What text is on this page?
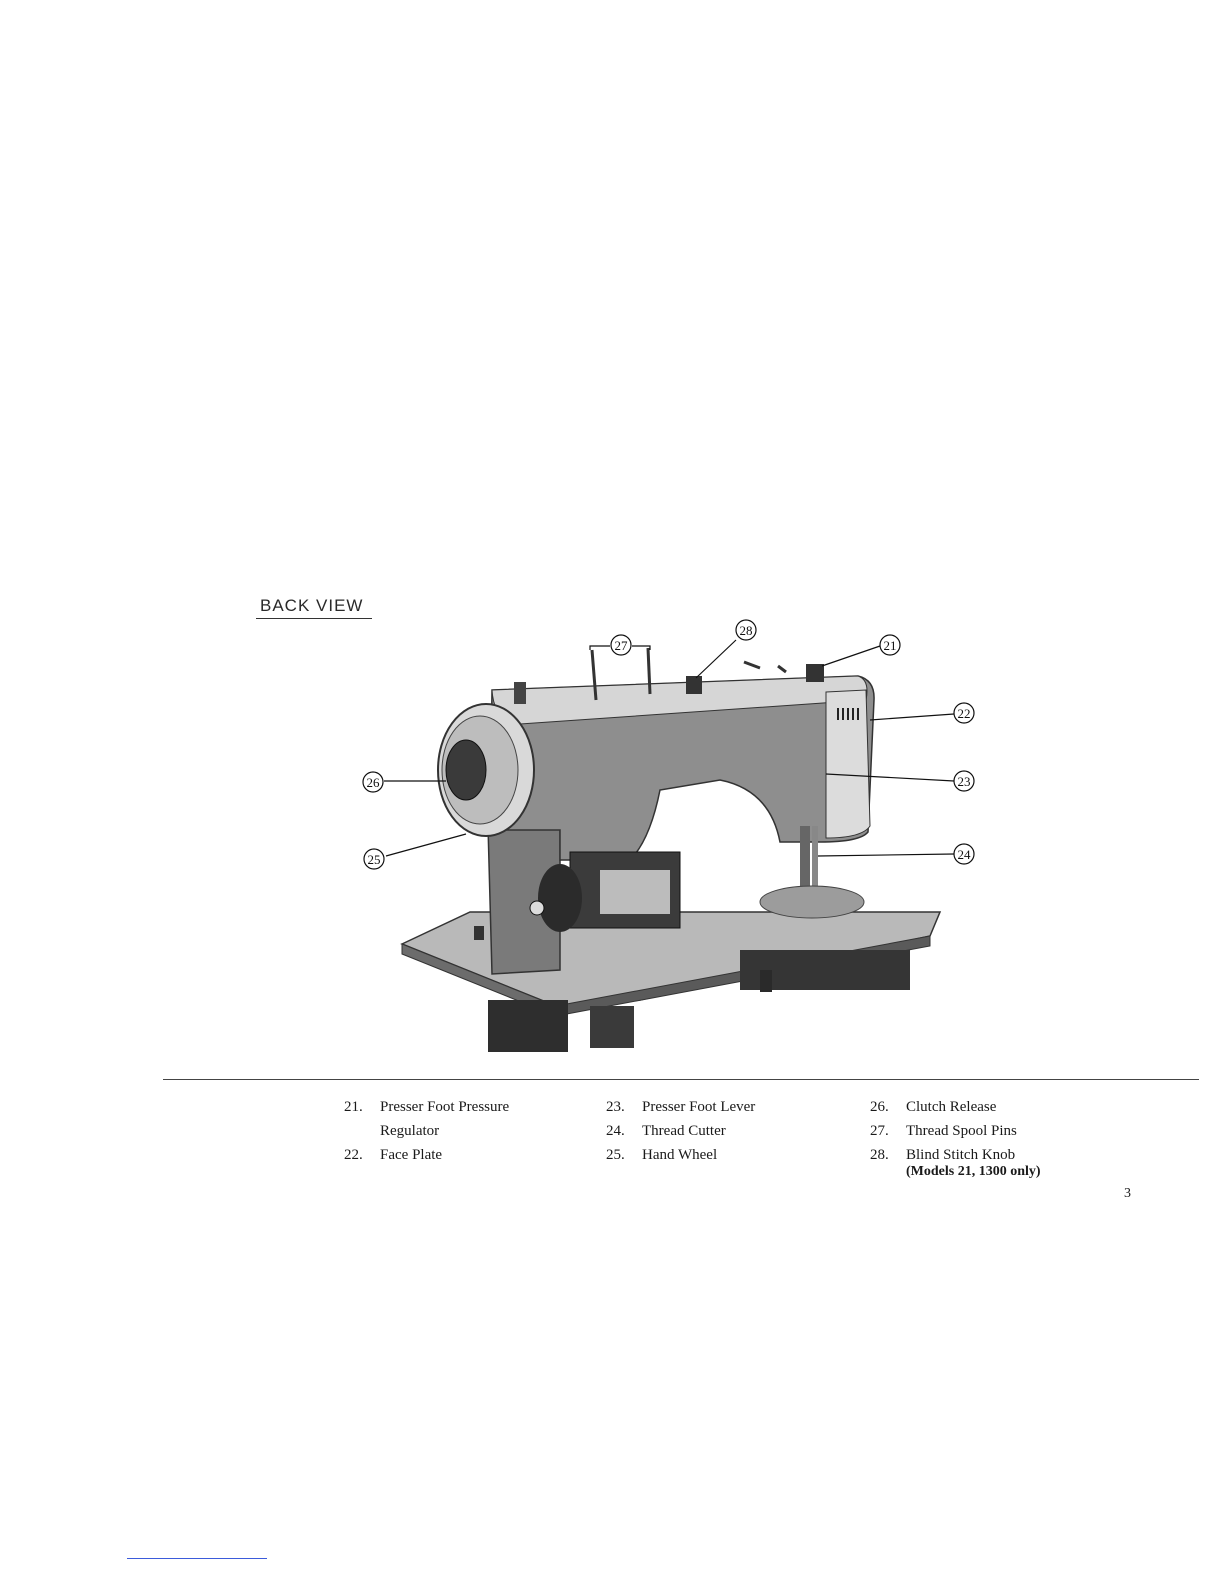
BACK VIEW
27
28
21
22
23
24
26
25
21.	Presser Foot Pressure
Regulator
22.	Face Plate
23.	Presser Foot Lever
24.	Thread Cutter
25.	Hand Wheel
26.	Clutch Release
27.	Thread Spool Pins
28.	Blind Stitch Knob
(Models 21, 1300 only)
3
